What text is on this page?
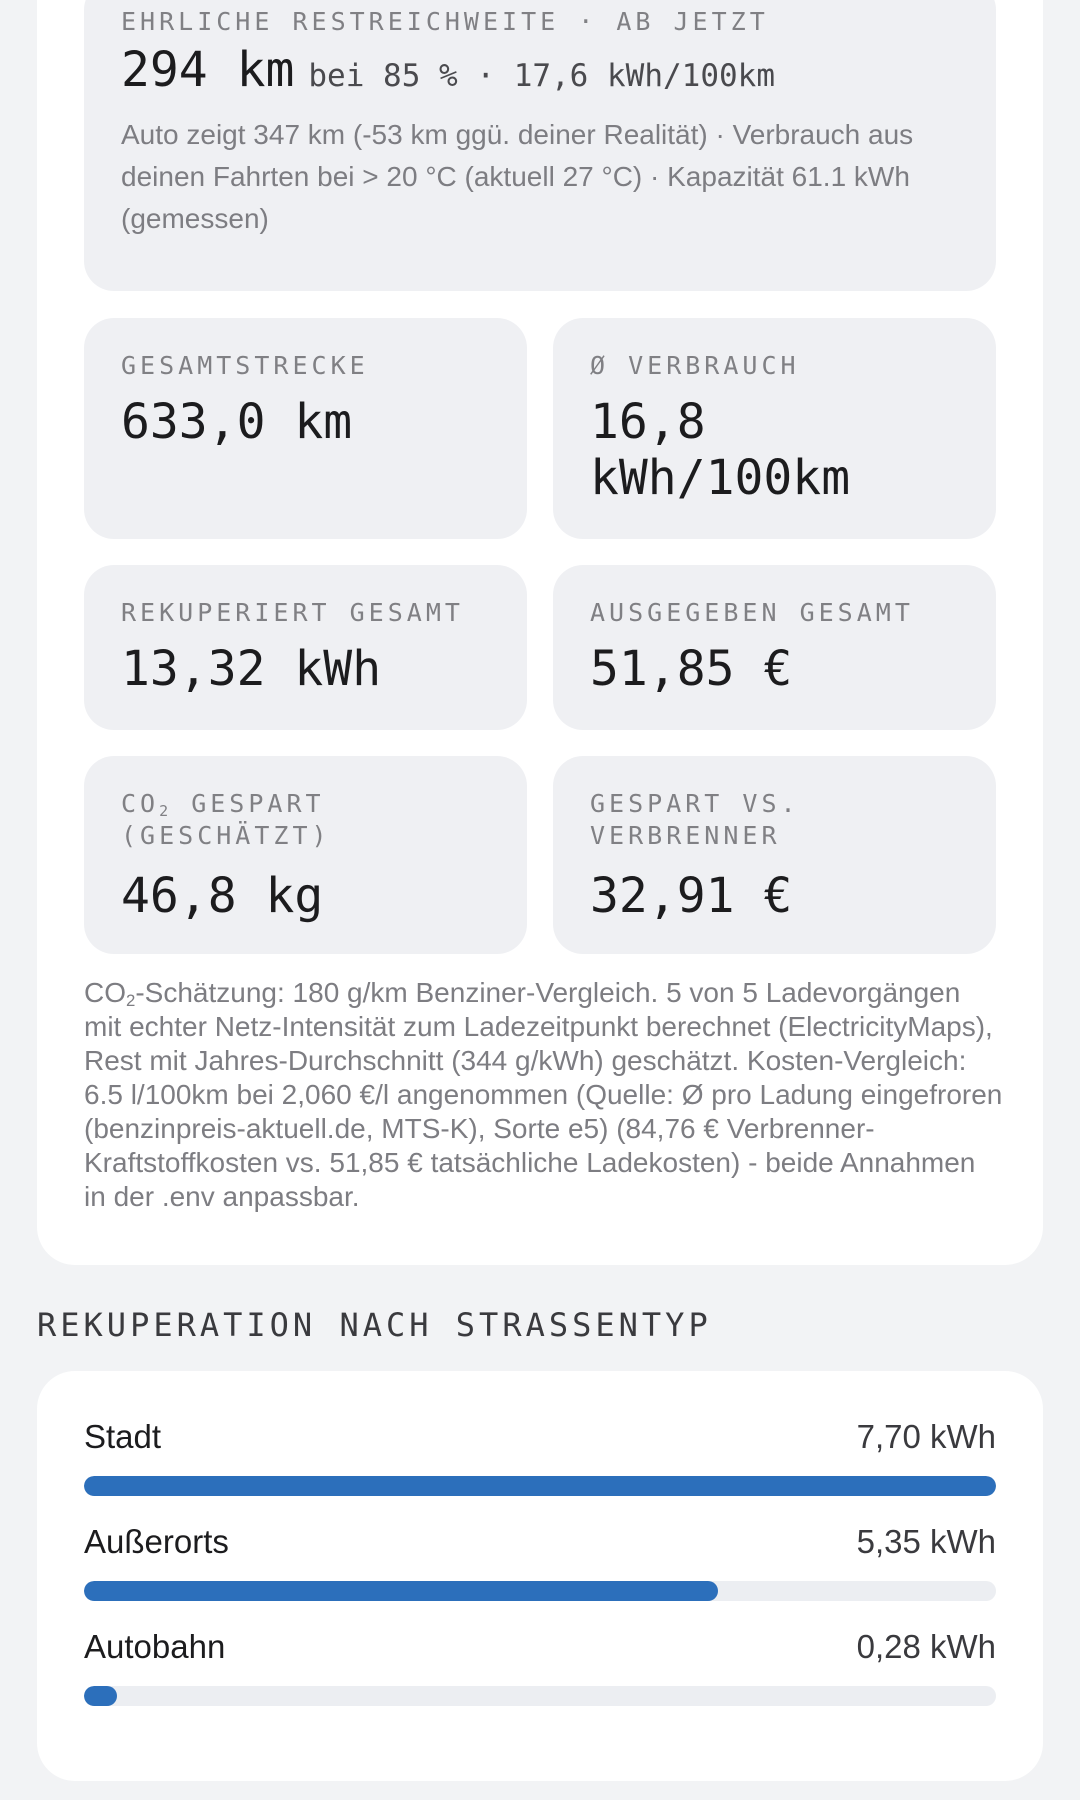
EHRLICHE RESTREICHWEITE · AB JETZT
294 km bei 85 % · 17,6 kWh/100km
Auto zeigt 347 km (-53 km ggü. deiner Realität) · Verbrauch aus deinen Fahrten bei > 20 °C (aktuell 27 °C) · Kapazität 61.1 kWh (gemessen)
GESAMTSTRECKE
633,0 km
Ø VERBRAUCH
16,8
kWh/100km
REKUPERIERT GESAMT
13,32 kWh
AUSGEGEBEN GESAMT
51,85 €
$CO_2$ GESPART (GESCHÄTZT)
46,8 kg
GESPART VS. VERBRENNER
32,91 €
$CO_2$-Schätzung: 180 g/km Benziner-Vergleich. 5 von 5 Ladevorgängen mit echter Netz-Intensität zum Ladezeitpunkt berechnet (ElectricityMaps), Rest mit Jahres-Durchschnitt (344 g/kWh) geschätzt. Kosten-Vergleich: 6.5 l/100km bei 2,060 €/l angenommen (Quelle: Ø pro Ladung eingefroren (benzinpreis-aktuell.de, MTS-K), Sorte e5) (84,76 € Verbrenner-Kraftstoffkosten vs. 51,85 € tatsächliche Ladekosten) - beide Annahmen in der .env anpassbar.
REKUPERATION NACH STRASSENTYP
Stadt	7,70 kWh
Außerorts	5,35 kWh
Autobahn	0,28 kWh
